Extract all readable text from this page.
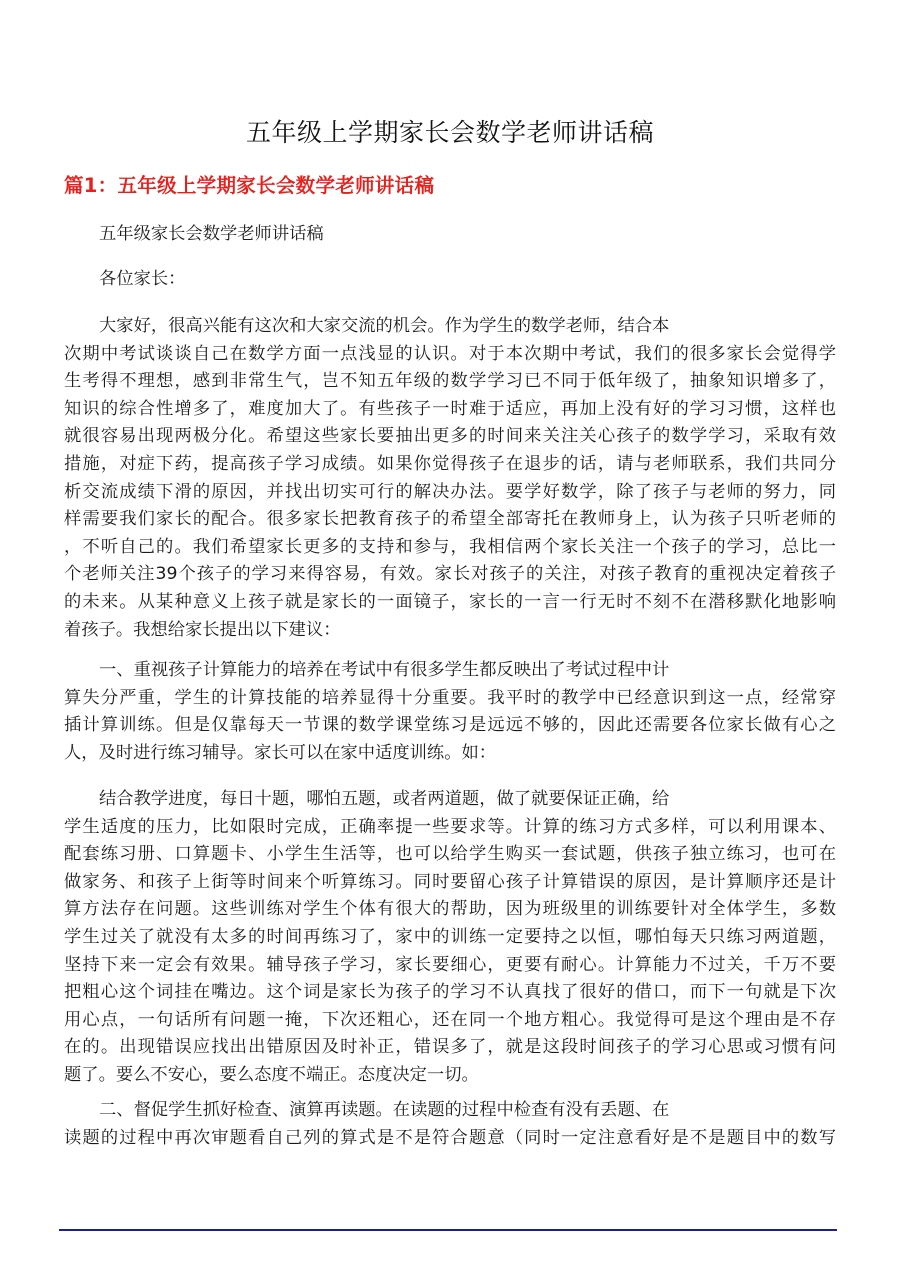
五年级上学期家长会数学老师讲话稿
篇1：五年级上学期家长会数学老师讲话稿
五年级家长会数学老师讲话稿
各位家长：
大家好，很高兴能有这次和大家交流的机会。作为学生的数学老师，结合本
次期中考试谈谈自己在数学方面一点浅显的认识。对于本次期中考试，我们的很多家长会觉得学
生考得不理想，感到非常生气，岂不知五年级的数学学习已不同于低年级了，抽象知识增多了，
知识的综合性增多了，难度加大了。有些孩子一时难于适应，再加上没有好的学习习惯，这样也
就很容易出现两极分化。希望这些家长要抽出更多的时间来关注关心孩子的数学学习，采取有效
措施，对症下药，提高孩子学习成绩。如果你觉得孩子在退步的话，请与老师联系，我们共同分
析交流成绩下滑的原因，并找出切实可行的解决办法。要学好数学，除了孩子与老师的努力，同
样需要我们家长的配合。很多家长把教育孩子的希望全部寄托在教师身上，认为孩子只听老师的
，不听自己的。我们希望家长更多的支持和参与，我相信两个家长关注一个孩子的学习，总比一
个老师关注39个孩子的学习来得容易，有效。家长对孩子的关注，对孩子教育的重视决定着孩子
的未来。从某种意义上孩子就是家长的一面镜子，家长的一言一行无时不刻不在潜移默化地影响
着孩子。我想给家长提出以下建议：
一、重视孩子计算能力的培养在考试中有很多学生都反映出了考试过程中计
算失分严重，学生的计算技能的培养显得十分重要。我平时的教学中已经意识到这一点，经常穿
插计算训练。但是仅靠每天一节课的数学课堂练习是远远不够的，因此还需要各位家长做有心之
人，及时进行练习辅导。家长可以在家中适度训练。如：
结合教学进度，每日十题，哪怕五题，或者两道题，做了就要保证正确，给
学生适度的压力，比如限时完成，正确率提一些要求等。计算的练习方式多样，可以利用课本、
配套练习册、口算题卡、小学生生活等，也可以给学生购买一套试题，供孩子独立练习，也可在
做家务、和孩子上街等时间来个听算练习。同时要留心孩子计算错误的原因，是计算顺序还是计
算方法存在问题。这些训练对学生个体有很大的帮助，因为班级里的训练要针对全体学生，多数
学生过关了就没有太多的时间再练习了，家中的训练一定要持之以恒，哪怕每天只练习两道题，
坚持下来一定会有效果。辅导孩子学习，家长要细心，更要有耐心。计算能力不过关，千万不要
把粗心这个词挂在嘴边。这个词是家长为孩子的学习不认真找了很好的借口，而下一句就是下次
用心点，一句话所有问题一掩，下次还粗心，还在同一个地方粗心。我觉得可是这个理由是不存
在的。出现错误应找出出错原因及时补正，错误多了，就是这段时间孩子的学习心思或习惯有问
题了。要么不安心，要么态度不端正。态度决定一切。
二、督促学生抓好检查、演算再读题。在读题的过程中检查有没有丢题、在
读题的过程中再次审题看自己列的算式是不是符合题意（同时一定注意看好是不是题目中的数写
